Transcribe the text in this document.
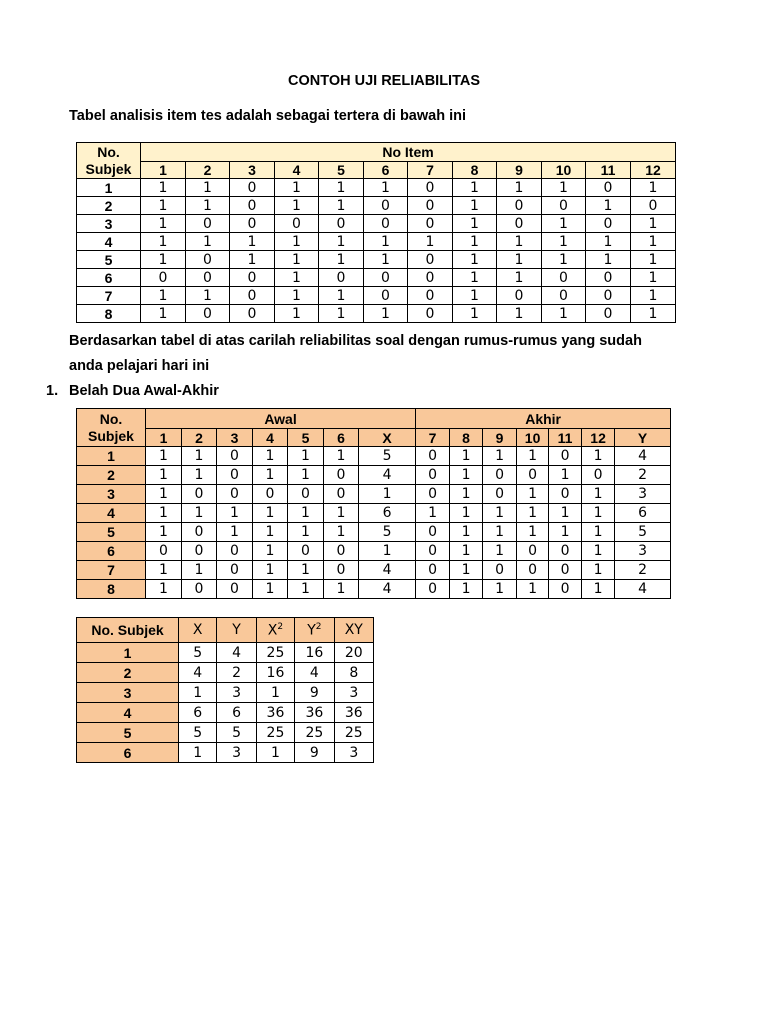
CONTOH UJI RELIABILITAS
Tabel analisis item tes adalah sebagai tertera di bawah ini
No.
Subjek	No Item											
	1	2	3	4	5	6	7	8	9	10	11	12
1	1	1	0	1	1	1	0	1	1	1	0	1
2	1	1	0	1	1	0	0	1	0	0	1	0
3	1	0	0	0	0	0	0	1	0	1	0	1
4	1	1	1	1	1	1	1	1	1	1	1	1
5	1	0	1	1	1	1	0	1	1	1	1	1
6	0	0	0	1	0	0	0	1	1	0	0	1
7	1	1	0	1	1	0	0	1	0	0	0	1
8	1	0	0	1	1	1	0	1	1	1	0	1
Berdasarkan tabel di atas carilah reliabilitas soal dengan rumus-rumus yang sudah
anda pelajari hari ini
1. Belah Dua Awal-Akhir
No.
Subjek	Awal							Akhir						
	1	2	3	4	5	6	X	7	8	9	10	11	12	Y
1	1	1	0	1	1	1	5	0	1	1	1	0	1	4
2	1	1	0	1	1	0	4	0	1	0	0	1	0	2
3	1	0	0	0	0	0	1	0	1	0	1	0	1	3
4	1	1	1	1	1	1	6	1	1	1	1	1	1	6
5	1	0	1	1	1	1	5	0	1	1	1	1	1	5
6	0	0	0	1	0	0	1	0	1	1	0	0	1	3
7	1	1	0	1	1	0	4	0	1	0	0	0	1	2
8	1	0	0	1	1	1	4	0	1	1	1	0	1	4
No. Subjek	X	Y	$X^2$	$Y^2$	XY
1	5	4	25	16	20
2	4	2	16	4	8
3	1	3	1	9	3
4	6	6	36	36	36
5	5	5	25	25	25
6	1	3	1	9	3
